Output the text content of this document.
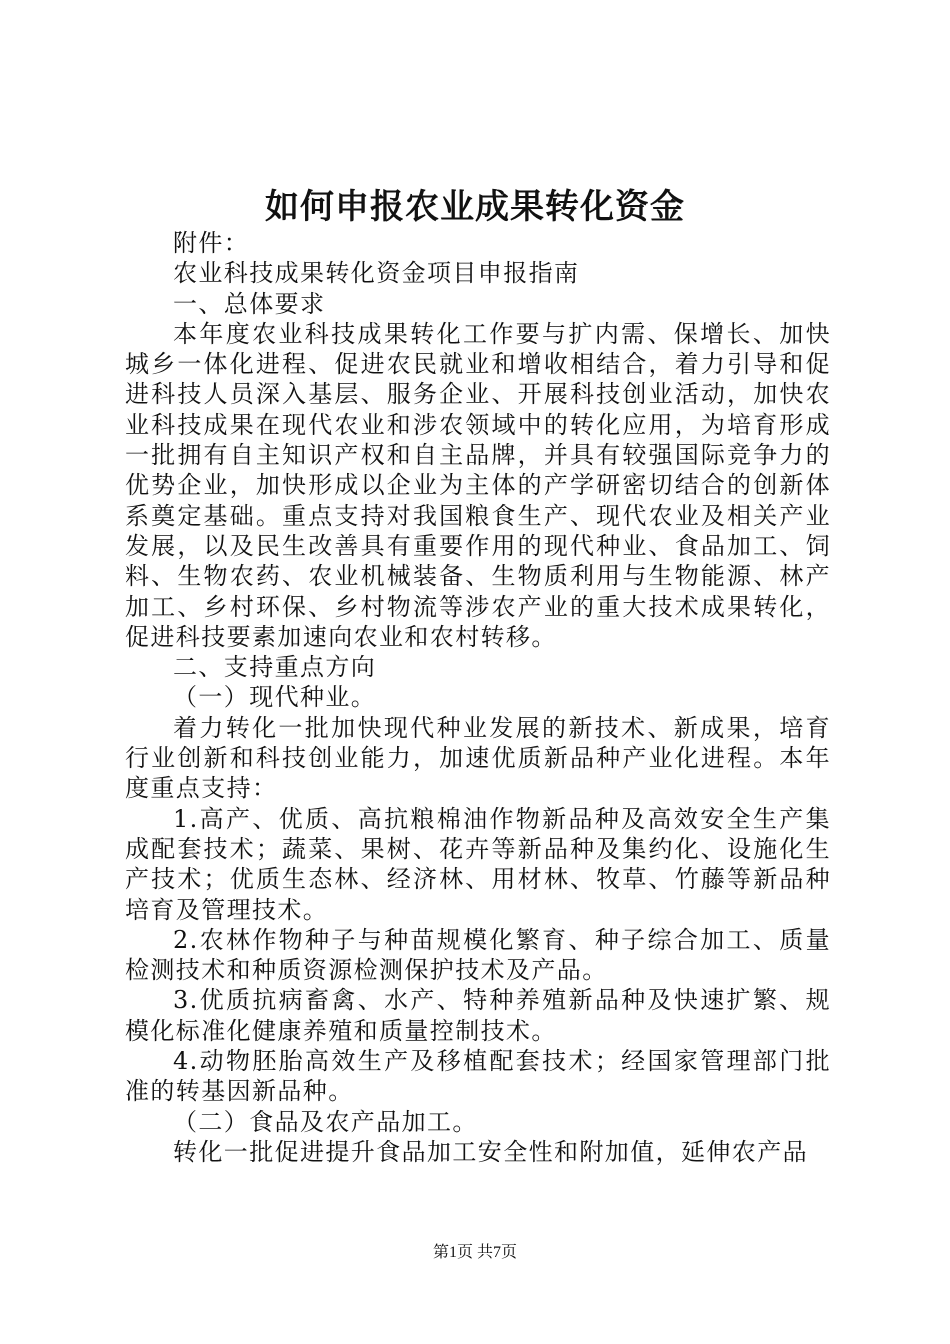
如何申报农业成果转化资金

附件：

农业科技成果转化资金项目申报指南

一、总体要求

本年度农业科技成果转化工作要与扩内需、保增长、加快城乡一体化进程、促进农民就业和增收相结合，着力引导和促进科技人员深入基层、服务企业、开展科技创业活动，加快农业科技成果在现代农业和涉农领域中的转化应用，为培育形成一批拥有自主知识产权和自主品牌，并具有较强国际竞争力的优势企业，加快形成以企业为主体的产学研密切结合的创新体系奠定基础。重点支持对我国粮食生产、现代农业及相关产业发展，以及民生改善具有重要作用的现代种业、食品加工、饲料、生物农药、农业机械装备、生物质利用与生物能源、林产加工、乡村环保、乡村物流等涉农产业的重大技术成果转化，促进科技要素加速向农业和农村转移。

二、支持重点方向

（一）现代种业。

着力转化一批加快现代种业发展的新技术、新成果，培育行业创新和科技创业能力，加速优质新品种产业化进程。本年度重点支持：

1.高产、优质、高抗粮棉油作物新品种及高效安全生产集成配套技术；蔬菜、果树、花卉等新品种及集约化、设施化生产技术；优质生态林、经济林、用材林、牧草、竹藤等新品种培育及管理技术。

2.农林作物种子与种苗规模化繁育、种子综合加工、质量检测技术和种质资源检测保护技术及产品。

3.优质抗病畜禽、水产、特种养殖新品种及快速扩繁、规模化标准化健康养殖和质量控制技术。

4.动物胚胎高效生产及移植配套技术；经国家管理部门批准的转基因新品种。

（二）食品及农产品加工。

转化一批促进提升食品加工安全性和附加值，延伸农产品

第1页 共7页
